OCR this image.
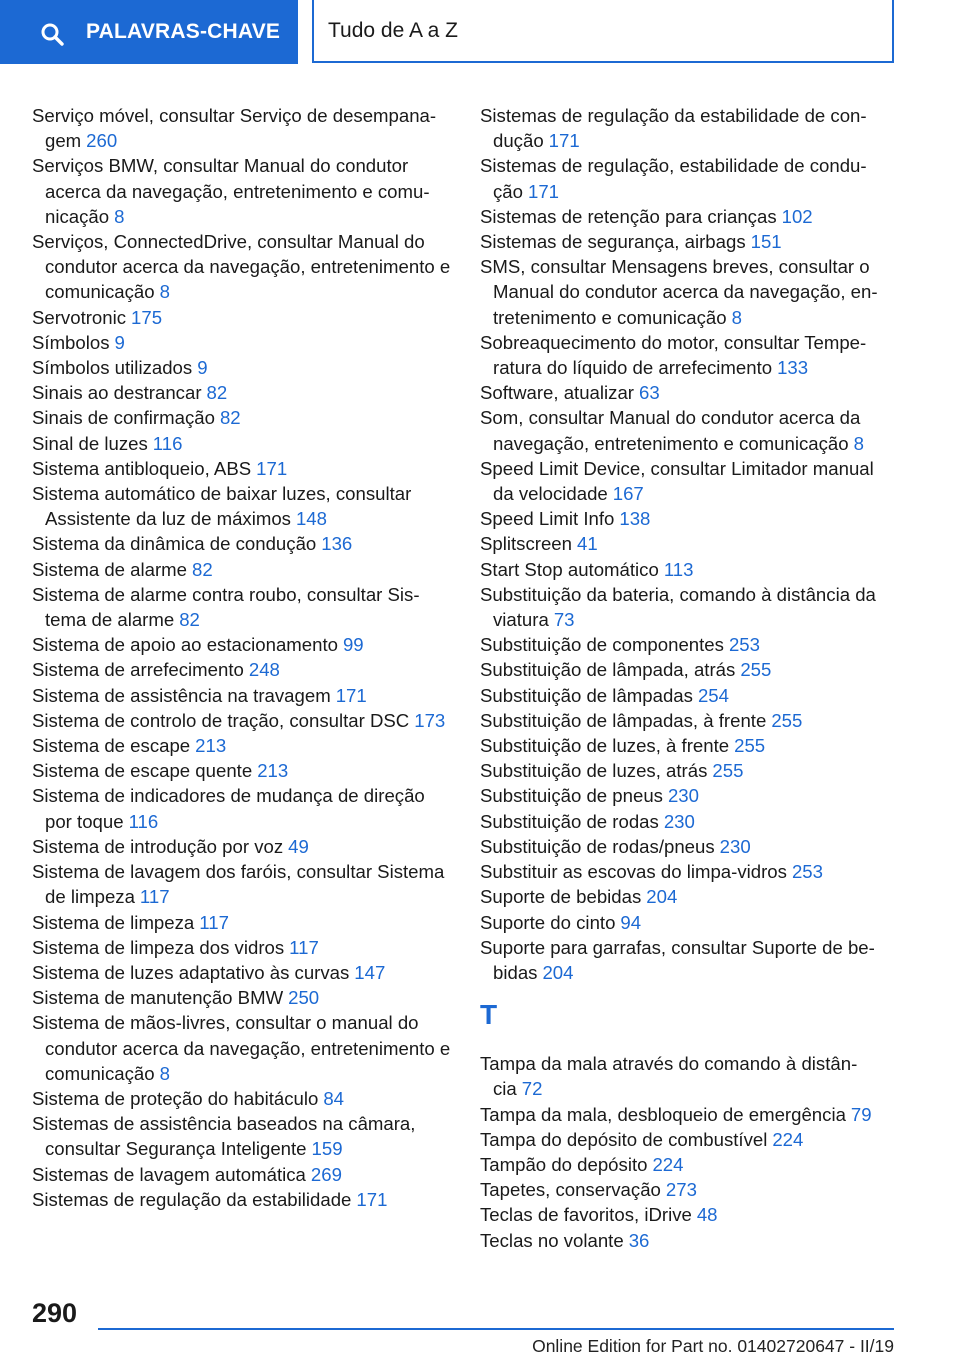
PALAVRAS-CHAVE Tudo de A a Z
Serviço móvel, consultar Serviço de desempanagem 260
Serviços BMW, consultar Manual do condutor acerca da navegação, entretenimento e comunicação 8
Serviços, ConnectedDrive, consultar Manual do condutor acerca da navegação, entretenimento e comunicação 8
Servotronic 175
Símbolos 9
Símbolos utilizados 9
Sinais ao destrancar 82
Sinais de confirmação 82
Sinal de luzes 116
Sistema antibloqueio, ABS 171
Sistema automático de baixar luzes, consultar Assistente da luz de máximos 148
Sistema da dinâmica de condução 136
Sistema de alarme 82
Sistema de alarme contra roubo, consultar Sistema de alarme 82
Sistema de apoio ao estacionamento 99
Sistema de arrefecimento 248
Sistema de assistência na travagem 171
Sistema de controlo de tração, consultar DSC 173
Sistema de escape 213
Sistema de escape quente 213
Sistema de indicadores de mudança de direção por toque 116
Sistema de introdução por voz 49
Sistema de lavagem dos faróis, consultar Sistema de limpeza 117
Sistema de limpeza 117
Sistema de limpeza dos vidros 117
Sistema de luzes adaptativo às curvas 147
Sistema de manutenção BMW 250
Sistema de mãos-livres, consultar o manual do condutor acerca da navegação, entretenimento e comunicação 8
Sistema de proteção do habitáculo 84
Sistemas de assistência baseados na câmara, consultar Segurança Inteligente 159
Sistemas de lavagem automática 269
Sistemas de regulação da estabilidade 171
Sistemas de regulação da estabilidade de condução 171
Sistemas de regulação, estabilidade de condução 171
Sistemas de retenção para crianças 102
Sistemas de segurança, airbags 151
SMS, consultar Mensagens breves, consultar o Manual do condutor acerca da navegação, entretenimento e comunicação 8
Sobreaquecimento do motor, consultar Temperatura do líquido de arrefecimento 133
Software, atualizar 63
Som, consultar Manual do condutor acerca da navegação, entretenimento e comunicação 8
Speed Limit Device, consultar Limitador manual da velocidade 167
Speed Limit Info 138
Splitscreen 41
Start Stop automático 113
Substituição da bateria, comando à distância da viatura 73
Substituição de componentes 253
Substituição de lâmpada, atrás 255
Substituição de lâmpadas 254
Substituição de lâmpadas, à frente 255
Substituição de luzes, à frente 255
Substituição de luzes, atrás 255
Substituição de pneus 230
Substituição de rodas 230
Substituição de rodas/pneus 230
Substituir as escovas do limpa-vidros 253
Suporte de bebidas 204
Suporte do cinto 94
Suporte para garrafas, consultar Suporte de bebidas 204
T
Tampa da mala através do comando à distância 72
Tampa da mala, desbloqueio de emergência 79
Tampa do depósito de combustível 224
Tampão do depósito 224
Tapetes, conservação 273
Teclas de favoritos, iDrive 48
Teclas no volante 36
290
Online Edition for Part no. 01402720647 - II/19
